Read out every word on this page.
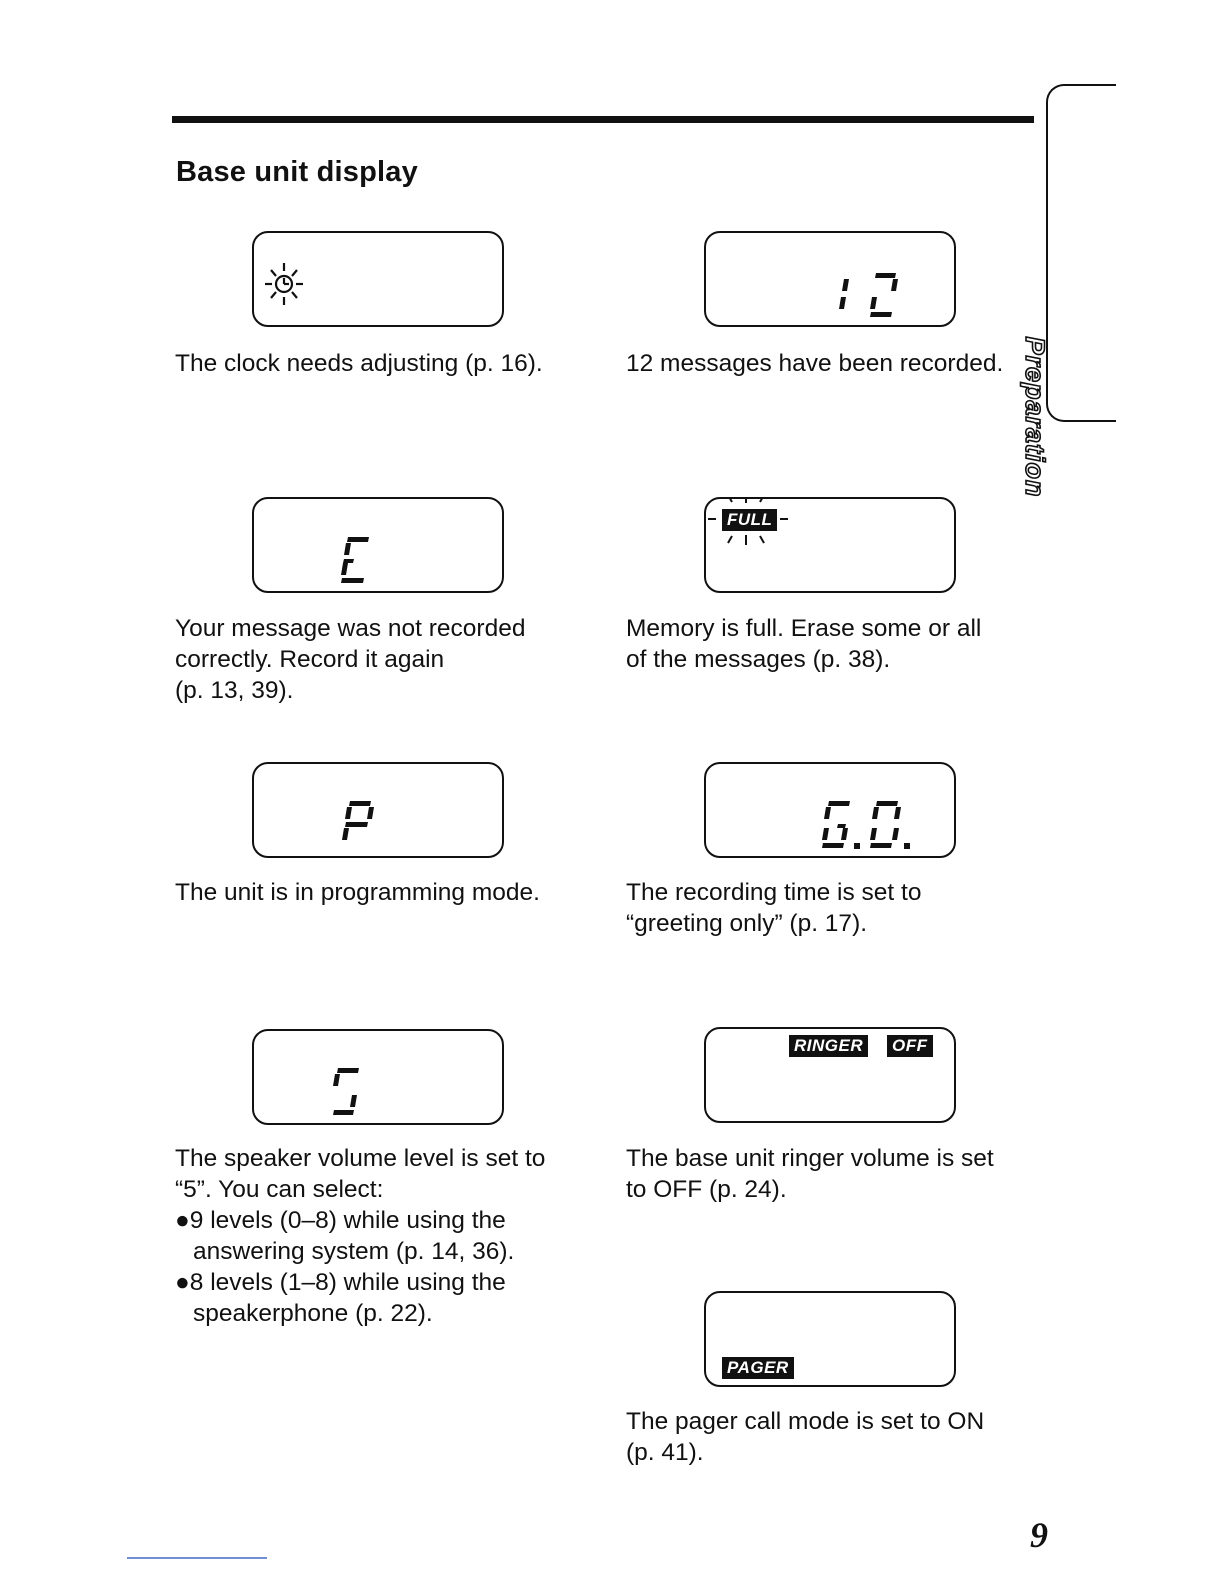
Base unit display
Preparation

The clock needs adjusting (p. 16).	12 messages have been recorded.

Your message was not recorded

correctly. Record it again

(p. 13, 39).

FULL

Memory is full. Erase some or all

of the messages (p. 38).

The unit is in programming mode.	The recording time is set to

“greeting only” (p. 17).

The speaker volume level is set to

“5”. You can select:

●9 levels (0–8) while using the answering system (p. 14, 36).

●8 levels (1–8) while using the speakerphone (p. 22).

RINGER OFF

The base unit ringer volume is set

to OFF (p. 24).

PAGER

The pager call mode is set to ON

(p. 41).

9
